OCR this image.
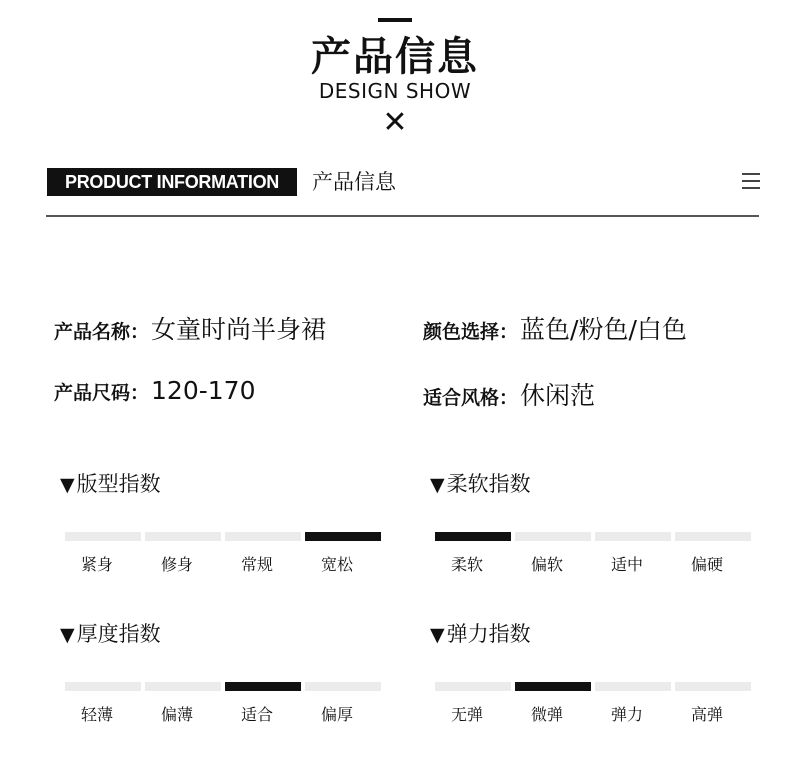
产品信息
DESIGN SHOW
✕
PRODUCT INFORMATION	产品信息
产品名称： 女童时尚半身裙	颜色选择： 蓝色/粉色/白色
产品尺码： 120-170	适合风格： 休闲范
▼版型指数
紧身	修身	常规	宽松
▼柔软指数
柔软	偏软	适中	偏硬
▼厚度指数
轻薄	偏薄	适合	偏厚
▼弹力指数
无弹	微弹	弹力	高弹
